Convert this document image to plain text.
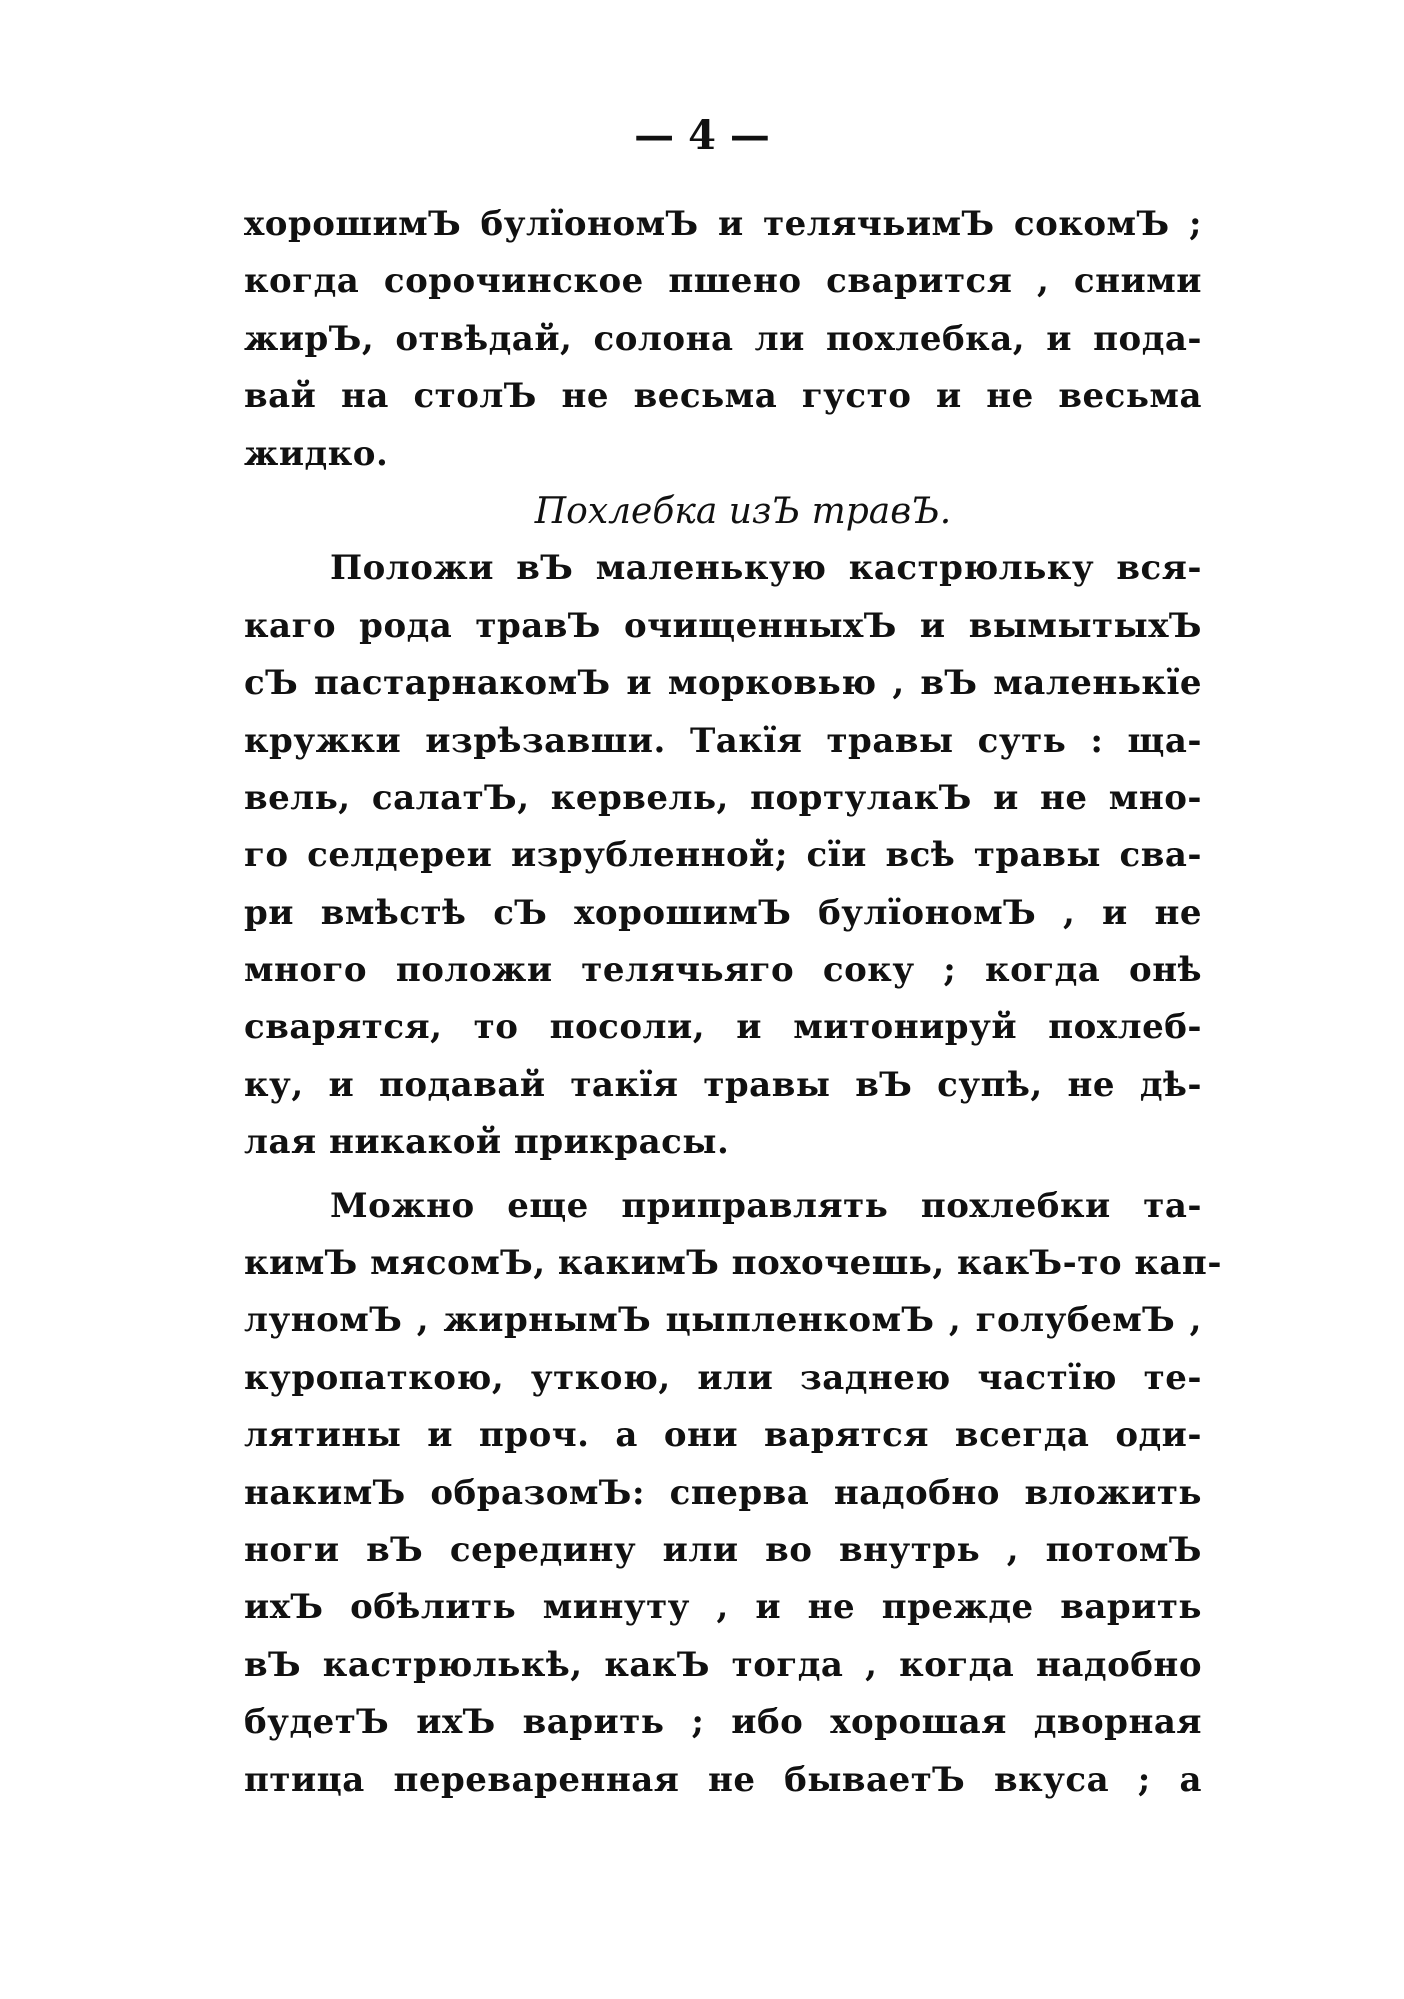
— 4 —
хорошимЪ булїономЪ и телячьимЪ сокомЪ ;
когда сорочинское пшено сварится , сними
жирЪ, отвѣдай, солона ли похлебка, и пода-
вай на столЪ не весьма густо и не весьма
жидко.
Похлебка изЪ травЪ.
Положи вЪ маленькую кастрюльку вся-
каго рода травЪ очищенныхЪ и вымытыхЪ
сЪ пастарнакомЪ и морковью , вЪ маленькїе
кружки изрѣзавши. Такїя травы суть : ща-
вель, салатЪ, кервель, портулакЪ и не мно-
го селдереи изрубленной; сїи всѣ травы сва-
ри вмѣстѣ сЪ хорошимЪ булїономЪ , и не
много положи телячьяго соку ; когда онѣ
сварятся, то посоли, и митонируй похлеб-
ку, и подавай такїя травы вЪ супѣ, не дѣ-
лая никакой прикрасы.
Можно еще приправлять похлебки та-
кимЪ мясомЪ, какимЪ похочешь, какЪ-то кап-
луномЪ , жирнымЪ цыпленкомЪ , голубемЪ ,
куропаткою, уткою, или заднею частїю те-
лятины и проч. а они варятся всегда оди-
накимЪ образомЪ: сперва надобно вложить
ноги вЪ середину или во внутрь , потомЪ
ихЪ обѣлить минуту , и не прежде варить
вЪ кастрюлькѣ, какЪ тогда , когда надобно
будетЪ ихЪ варить ; ибо хорошая дворная
птица переваренная не бываетЪ вкуса ; а
